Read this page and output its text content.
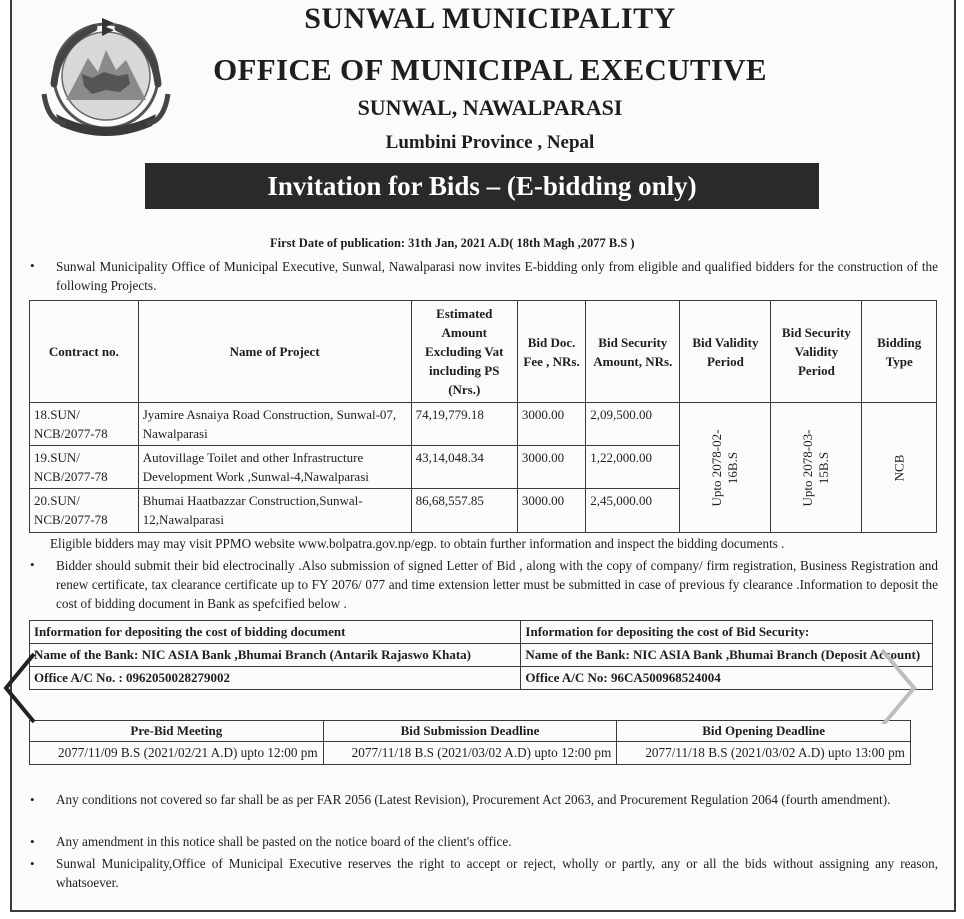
SUNWAL MUNICIPALITY
OFFICE OF MUNICIPAL EXECUTIVE
SUNWAL, NAWALPARASI
Lumbini Province , Nepal
Invitation for Bids – (E-bidding only)
First Date of publication: 31th Jan, 2021 A.D( 18th Magh ,2077 B.S )
• Sunwal Municipality Office of Municipal Executive, Sunwal, Nawalparasi now invites E-bidding only from eligible and qualified bidders for the construction of the following Projects.
Contract no.	Name of Project	Estimated Amount Excluding Vat including PS (Nrs.)	Bid Doc. Fee , NRs.	Bid Security Amount, NRs.	Bid Validity Period	Bid Security Validity Period	Bidding Type
18.SUN/ NCB/2077-78	Jyamire Asnaiya Road Construction, Sunwal-07, Nawalparasi	74,19,779.18	3000.00	2,09,500.00	Upto 2078-02-16B.S	Upto 2078-03-15B.S	NCB

19.SUN/ NCB/2077-78	Autovillage Toilet and other Infrastructure Development Work ,Sunwal-4,Nawalparasi	43,14,048.34	3000.00	1,22,000.00			
20.SUN/ NCB/2077-78	Bhumai Haatbazzar Construction,Sunwal-12,Nawalparasi	86,68,557.85	3000.00	2,45,000.00			
Eligible bidders may may visit PPMO website www.bolpatra.gov.np/egp. to obtain further information and inspect the bidding documents .
• Bidder should submit their bid electrocinally .Also submission of signed Letter of Bid , along with the copy of company/ firm registration, Business Registration and renew certificate, tax clearance certificate up to FY 2076/ 077 and time extension letter must be submitted in case of previous fy clearance .Information to deposit the cost of bidding document in Bank as spefcified below .
Information for depositing the cost of bidding document	Information for depositing the cost of Bid Security:
Name of the Bank: NIC ASIA Bank ,Bhumai Branch (Antarik Rajaswo Khata)	Name of the Bank: NIC ASIA Bank ,Bhumai Branch (Deposit Account)
Office A/C No. : 0962050028279002	Office A/C No: 96CA500968524004
Pre-Bid Meeting	Bid Submission Deadline	Bid Opening Deadline
2077/11/09 B.S (2021/02/21 A.D) upto 12:00 pm	2077/11/18 B.S (2021/03/02 A.D) upto 12:00 pm	2077/11/18 B.S (2021/03/02 A.D) upto 13:00 pm
• Any conditions not covered so far shall be as per FAR 2056 (Latest Revision), Procurement Act 2063, and Procurement Regulation 2064 (fourth amendment).
• Any amendment in this notice shall be pasted on the notice board of the client's office.
• Sunwal Municipality,Office of Municipal Executive reserves the right to accept or reject, wholly or partly, any or all the bids without assigning any reason, whatsoever.
